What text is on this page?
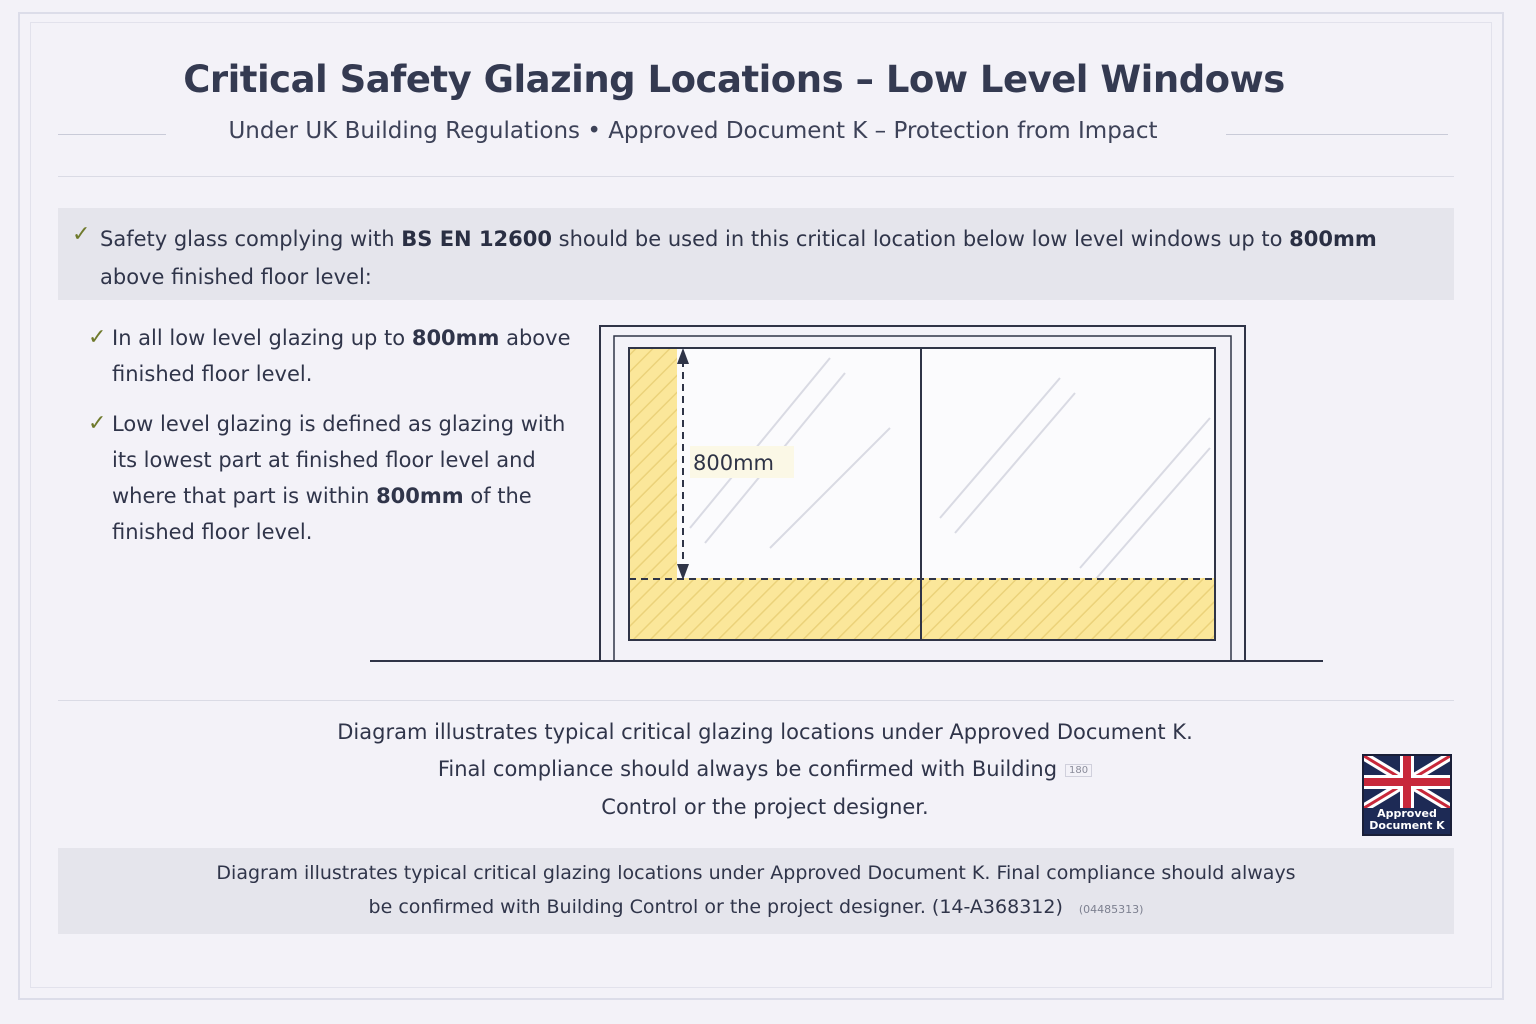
Critical Safety Glazing Locations – Low Level Windows
Under UK Building Regulations • Approved Document K – Protection from Impact
✓ Safety glass complying with BS EN 12600 should be used in this critical location below low level windows up to 800mm above finished floor level:
✓ In all low level glazing up to 800mm above finished floor level.
✓ Low level glazing is defined as glazing with its lowest part at finished floor level and where that part is within 800mm of the finished floor level.
800mm
Diagram illustrates typical critical glazing locations under Approved Document K.
Final compliance should always be confirmed with Building 180
Control or the project designer.	Approved
Document K
Diagram illustrates typical critical glazing locations under Approved Document K. Final compliance should always
be confirmed with Building Control or the project designer. (14-A368312) (04485313)
